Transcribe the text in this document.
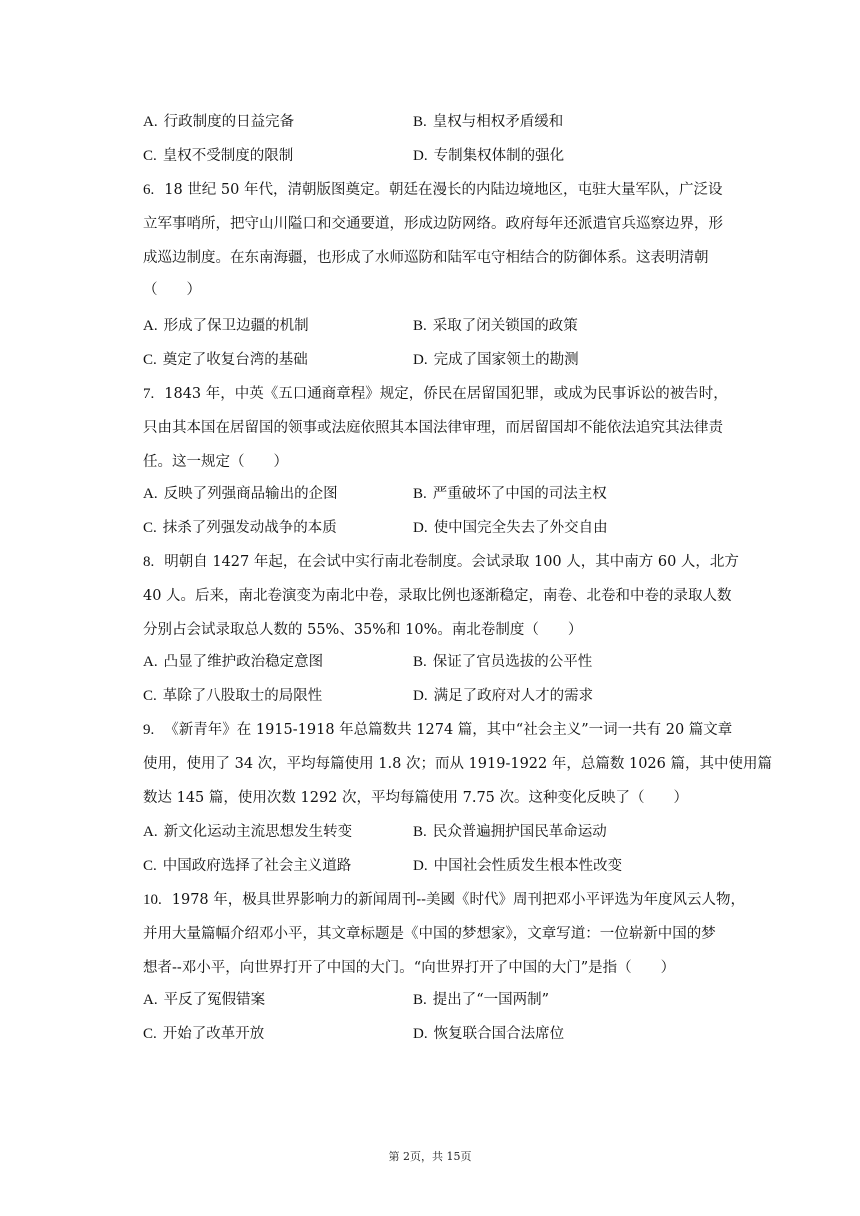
A. 行政制度的日益完备	B. 皇权与相权矛盾缓和
C. 皇权不受制度的限制	D. 专制集权体制的强化
6. 18 世纪 50 年代，清朝版图奠定。朝廷在漫长的内陆边境地区，屯驻大量军队，广泛设
立军事哨所，把守山川隘口和交通要道，形成边防网络。政府每年还派遣官兵巡察边界，形
成巡边制度。在东南海疆，也形成了水师巡防和陆军屯守相结合的防御体系。这表明清朝
（　　）
A. 形成了保卫边疆的机制	B. 采取了闭关锁国的政策
C. 奠定了收复台湾的基础	D. 完成了国家领土的勘测
7. 1843 年，中英《五口通商章程》规定，侨民在居留国犯罪，或成为民事诉讼的被告时，
只由其本国在居留国的领事或法庭依照其本国法律审理，而居留国却不能依法追究其法律责
任。这一规定（　　）
A. 反映了列强商品输出的企图	B. 严重破坏了中国的司法主权
C. 抹杀了列强发动战争的本质	D. 使中国完全失去了外交自由
8. 明朝自 1427 年起，在会试中实行南北卷制度。会试录取 100 人，其中南方 60 人，北方
40 人。后来，南北卷演变为南北中卷，录取比例也逐渐稳定，南卷、北卷和中卷的录取人数
分别占会试录取总人数的 55%、35%和 10%。南北卷制度（　　）
A. 凸显了维护政治稳定意图	B. 保证了官员选拔的公平性
C. 革除了八股取士的局限性	D. 满足了政府对人才的需求
9. 《新青年》在 1915-1918 年总篇数共 1274 篇，其中“社会主义”一词一共有 20 篇文章
使用，使用了 34 次，平均每篇使用 1.8 次；而从 1919-1922 年，总篇数 1026 篇，其中使用篇
数达 145 篇，使用次数 1292 次，平均每篇使用 7.75 次。这种变化反映了（　　）
A. 新文化运动主流思想发生转变	B. 民众普遍拥护国民革命运动
C. 中国政府选择了社会主义道路	D. 中国社会性质发生根本性改变
10. 1978 年，极具世界影响力的新闻周刊--美國《时代》周刊把邓小平评选为年度风云人物，
并用大量篇幅介绍邓小平，其文章标题是《中国的梦想家》，文章写道：一位崭新中国的梦
想者--邓小平，向世界打开了中国的大门。“向世界打开了中国的大门”是指（　　）
A. 平反了冤假错案	B. 提出了“一国两制”
C. 开始了改革开放	D. 恢复联合国合法席位
第 2页，共 15页
